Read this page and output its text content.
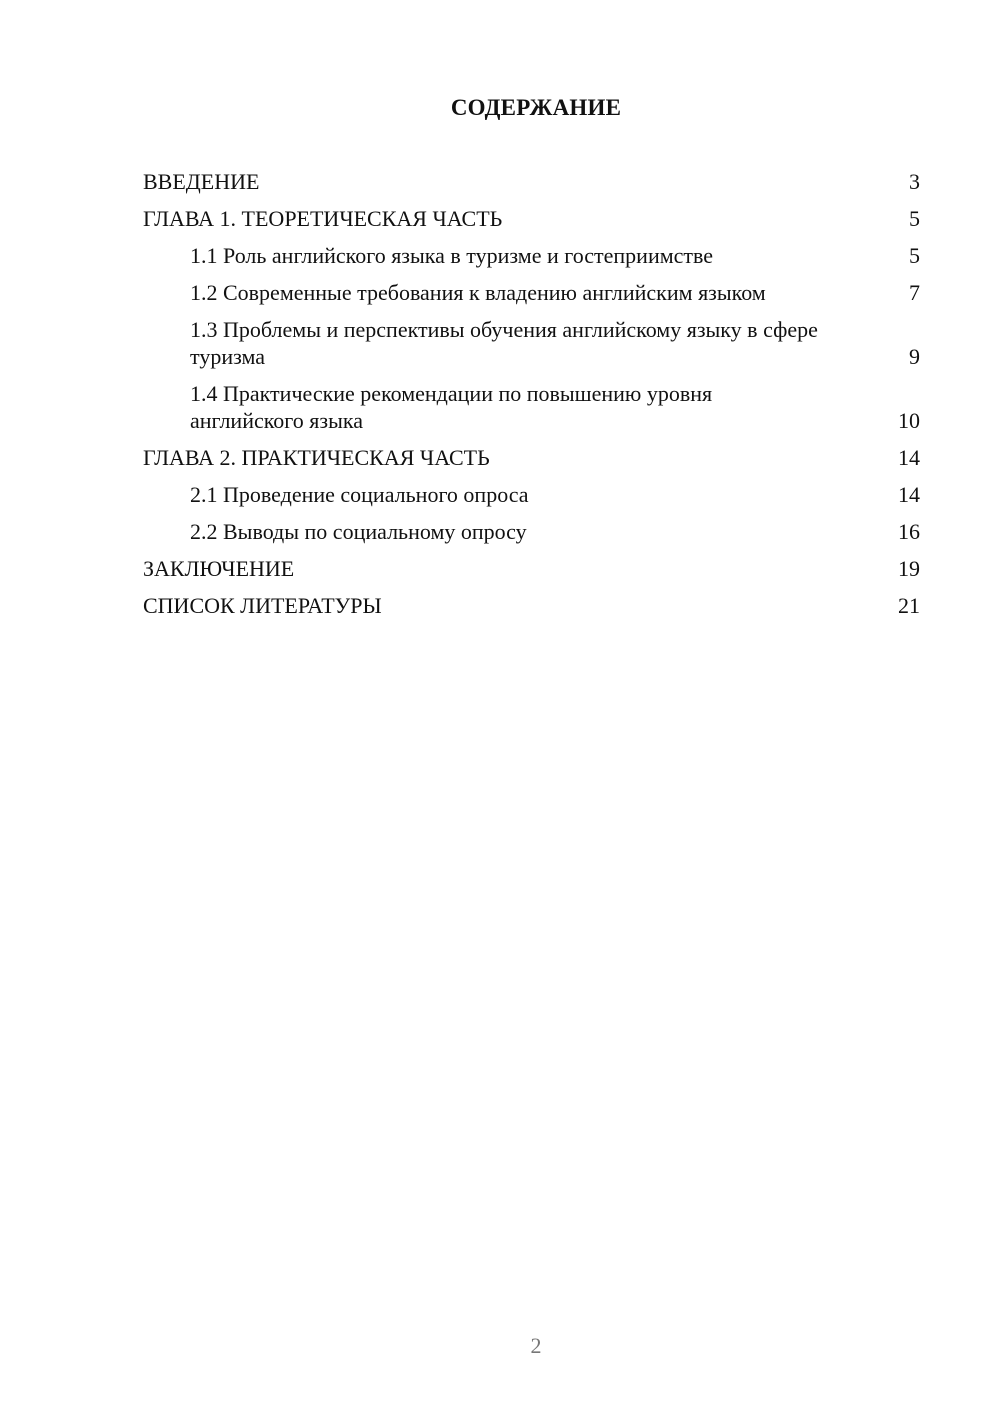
СОДЕРЖАНИЕ
ВВЕДЕНИЕ	3
ГЛАВА 1. ТЕОРЕТИЧЕСКАЯ ЧАСТЬ	5
1.1 Роль английского языка в туризме и гостеприимстве	5
1.2 Современные требования к владению английским языком	7
1.3 Проблемы и перспективы обучения английскому языку в сфере туризма	9
1.4 Практические рекомендации по повышению уровня английского языка	10
ГЛАВА 2. ПРАКТИЧЕСКАЯ ЧАСТЬ	14
2.1 Проведение социального опроса	14
2.2 Выводы по социальному опросу	16
ЗАКЛЮЧЕНИЕ	19
СПИСОК ЛИТЕРАТУРЫ	21
2
